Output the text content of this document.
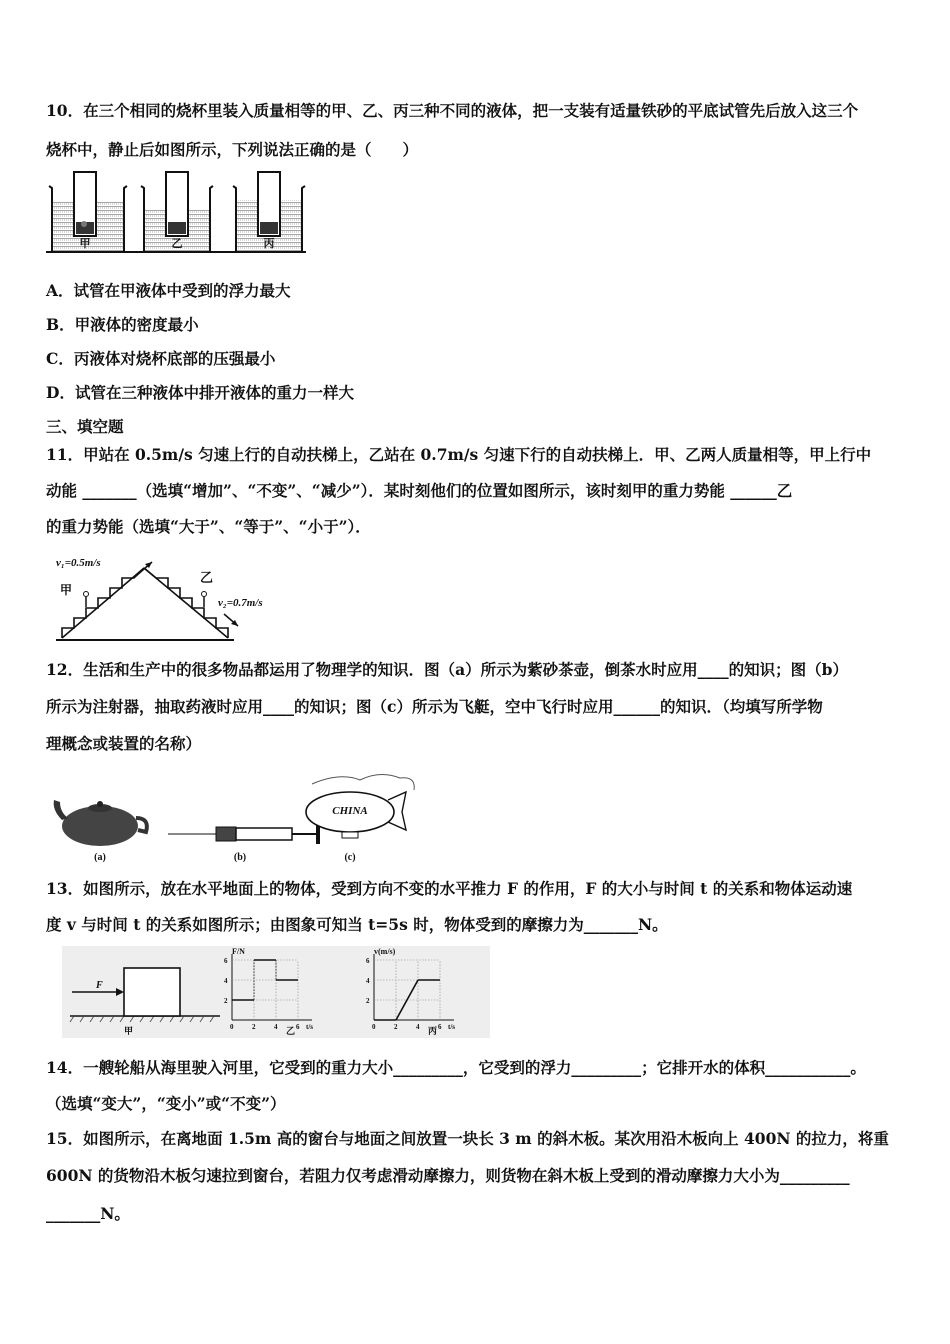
10．在三个相同的烧杯里装入质量相等的甲、乙、丙三种不同的液体，把一支装有适量铁砂的平底试管先后放入这三个
烧杯中，静止后如图所示，下列说法正确的是（　　）
甲	乙	丙
A．试管在甲液体中受到的浮力最大
B．甲液体的密度最小
C．丙液体对烧杯底部的压强最小
D．试管在三种液体中排开液体的重力一样大
三、填空题
11．甲站在 0.5m/s 匀速上行的自动扶梯上，乙站在 0.7m/s 匀速下行的自动扶梯上．甲、乙两人质量相等，甲上行中
动能 _______（选填“增加”、“不变”、“减少”）．某时刻他们的位置如图所示，该时刻甲的重力势能 ______乙
的重力势能（选填“大于”、“等于”、“小于”）．
v₁=0.5m/s
甲
乙
v₂=0.7m/s
12．生活和生产中的很多物品都运用了物理学的知识．图（a）所示为紫砂茶壶，倒茶水时应用____的知识；图（b）
所示为注射器，抽取药液时应用____的知识；图（c）所示为飞艇，空中飞行时应用______的知识．（均填写所学物
理概念或装置的名称）
(a)	(b)
CHINA
(c)
13．如图所示，放在水平地面上的物体，受到方向不变的水平推力 F 的作用，F 的大小与时间 t 的关系和物体运动速
度 v 与时间 t 的关系如图所示；由图象可知当 t=5s 时，物体受到的摩擦力为_______N。
F
甲
F/N
乙
6
4
2
0	2	4	6 t/s
v(m/s)
丙
6
4
2
0	2	4	6 t/s
14．一艘轮船从海里驶入河里，它受到的重力大小_________，它受到的浮力_________；它排开水的体积___________。
（选填“变大”，“变小”或“不变”）
15．如图所示，在离地面 1.5m 高的窗台与地面之间放置一块长 3 m 的斜木板。某次用沿木板向上 400N 的拉力，将重
600N 的货物沿木板匀速拉到窗台，若阻力仅考虑滑动摩擦力，则货物在斜木板上受到的滑动摩擦力大小为_________
_______N。
